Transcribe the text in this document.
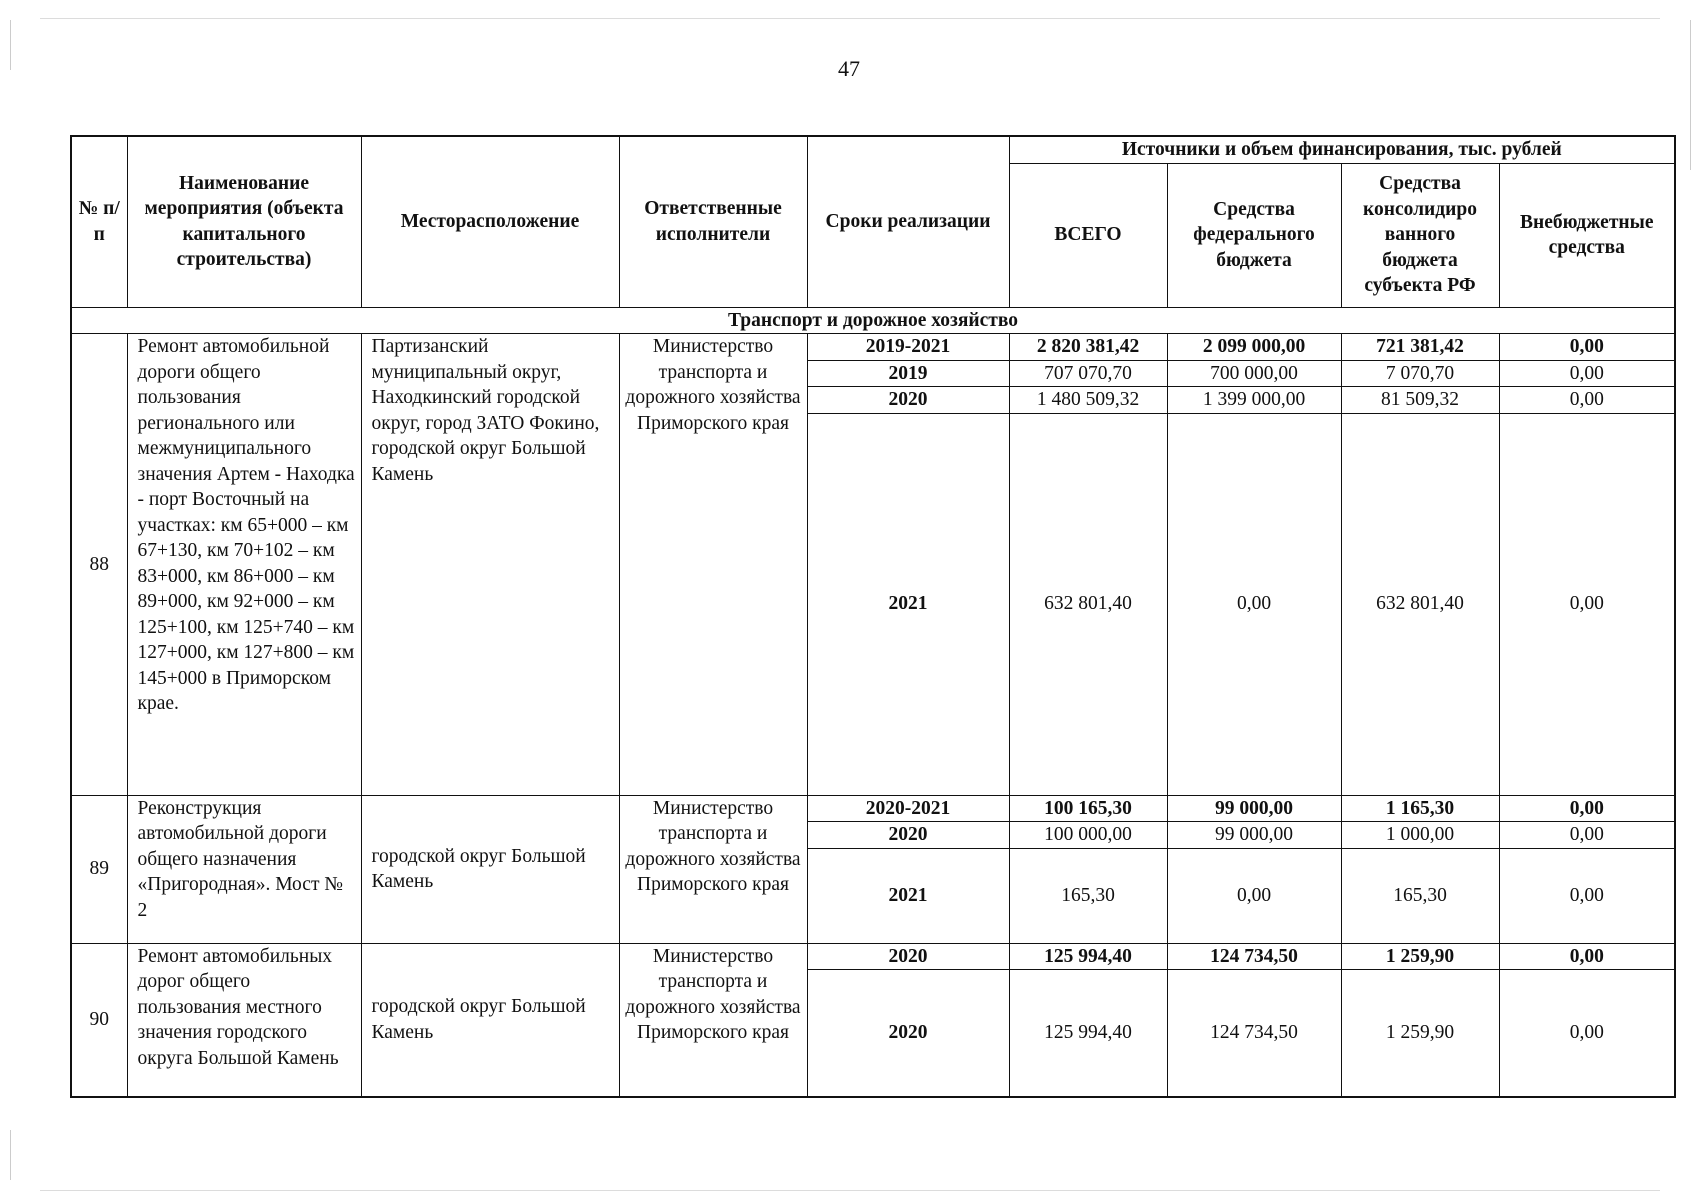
47
№ п/п	Наименование мероприятия (объекта капитального строительства)	Месторасположение	Ответственные исполнители	Сроки реализации	Источники и объем финансирования, тыс. рублей			
					ВСЕГО	Средства федерального бюджета	Средства консолидиро ванного бюджета субъекта РФ	Внебюджетные средства
Транспорт и дорожное хозяйство								
88	Ремонт автомобильной дороги общего пользования регионального или межмуниципального значения Артем - Находка - порт Восточный на участках: км 65+000 – км 67+130, км 70+102 – км 83+000, км 86+000 – км 89+000, км 92+000 – км 125+100, км 125+740 – км 127+000, км 127+800 – км 145+000 в Приморском крае.	Партизанский муниципальный округ, Находкинский городской округ, город ЗАТО Фокино, городской округ Большой Камень	Министерство транспорта и дорожного хозяйства Приморского края	2019-2021	2 820 381,42	2 099 000,00	721 381,42	0,00
				2019	707 070,70	700 000,00	7 070,70	0,00
				2020	1 480 509,32	1 399 000,00	81 509,32	0,00
				2021	632 801,40	0,00	632 801,40	0,00
89	Реконструкция автомобильной дороги общего назначения «Пригородная». Мост № 2	городской округ Большой Камень	Министерство транспорта и дорожного хозяйства Приморского края	2020-2021	100 165,30	99 000,00	1 165,30	0,00
				2020	100 000,00	99 000,00	1 000,00	0,00
				2021	165,30	0,00	165,30	0,00
90	Ремонт автомобильных дорог общего пользования местного значения городского округа Большой Камень	городской округ Большой Камень	Министерство транспорта и дорожного хозяйства Приморского края	2020	125 994,40	124 734,50	1 259,90	0,00
				2020	125 994,40	124 734,50	1 259,90	0,00
